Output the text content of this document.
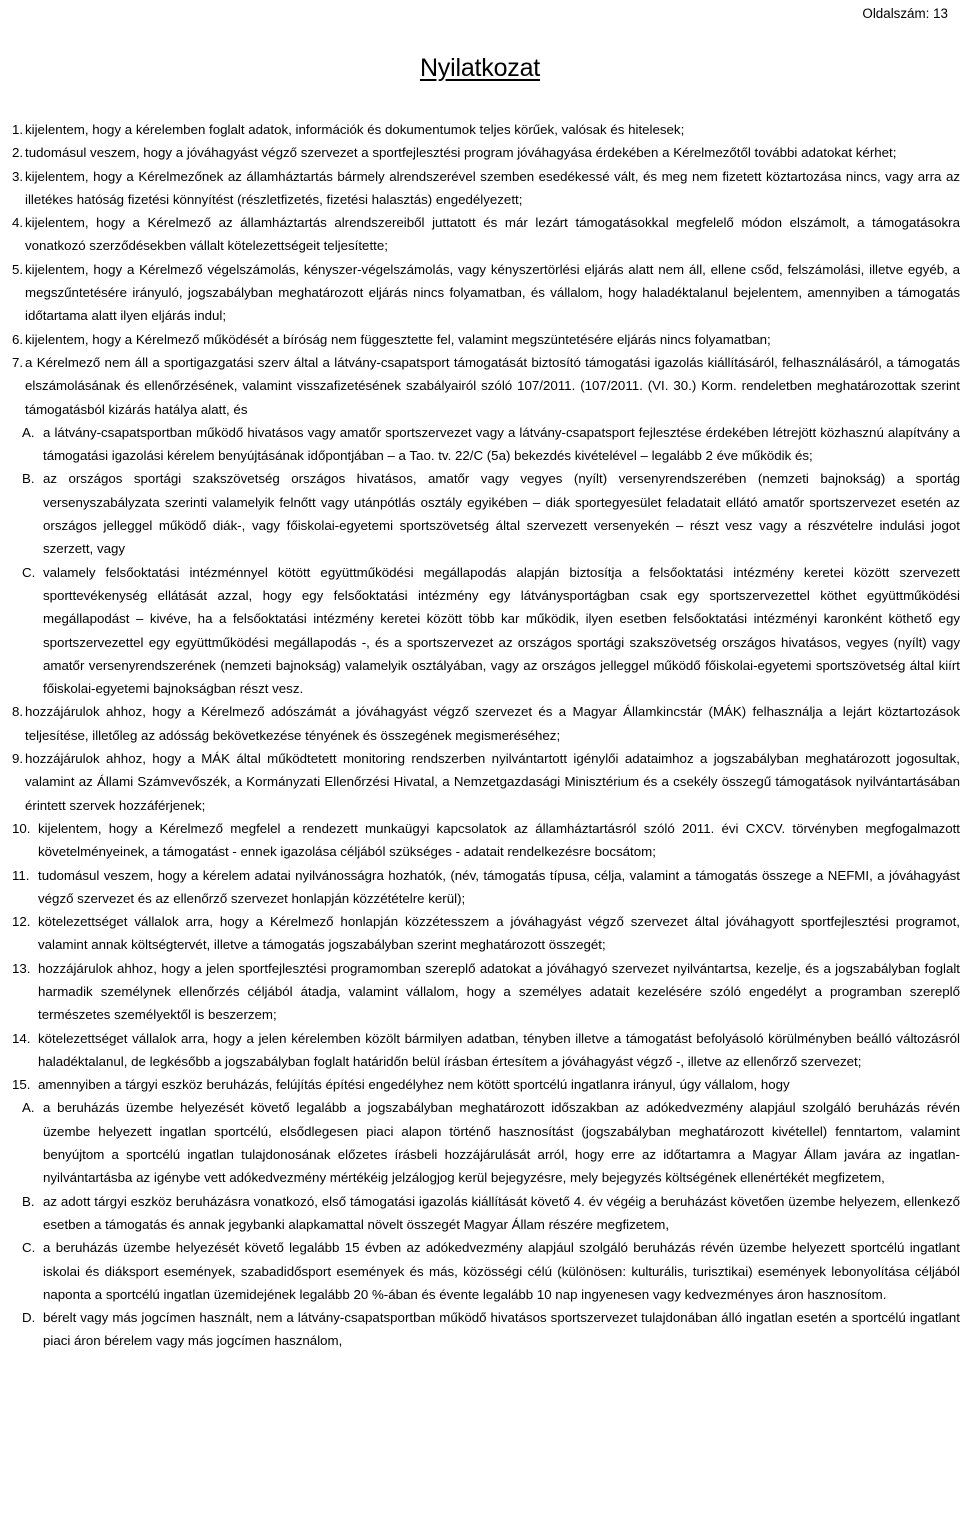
Oldalszám: 13
Nyilatkozat
1. kijelentem, hogy a kérelemben foglalt adatok, információk és dokumentumok teljes körűek, valósak és hitelesek;
2. tudomásul veszem, hogy a jóváhagyást végző szervezet a sportfejlesztési program jóváhagyása érdekében a Kérelmezőtől további adatokat kérhet;
3. kijelentem, hogy a Kérelmezőnek az államháztartás bármely alrendszerével szemben esedékessé vált, és meg nem fizetett köztartozása nincs, vagy arra az illetékes hatóság fizetési könnyítést (részletfizetés, fizetési halasztás) engedélyezett;
4. kijelentem, hogy a Kérelmező az államháztartás alrendszereiből juttatott és már lezárt támogatásokkal megfelelő módon elszámolt, a támogatásokra vonatkozó szerződésekben vállalt kötelezettségeit teljesítette;
5. kijelentem, hogy a Kérelmező végelszámolás, kényszer-végelszámolás, vagy kényszertörlési eljárás alatt nem áll, ellene csőd, felszámolási, illetve egyéb, a megszűntetésére irányuló, jogszabályban meghatározott eljárás nincs folyamatban, és vállalom, hogy haladéktalanul bejelentem, amennyiben a támogatás időtartama alatt ilyen eljárás indul;
6. kijelentem, hogy a Kérelmező működését a bíróság nem függesztette fel, valamint megszüntetésére eljárás nincs folyamatban;
7. a Kérelmező nem áll a sportigazgatási szerv által a látvány-csapatsport támogatását biztosító támogatási igazolás kiállításáról, felhasználásáról, a támogatás elszámolásának és ellenőrzésének, valamint visszafizetésének szabályairól szóló 107/2011. (107/2011. (VI. 30.) Korm. rendeletben meghatározottak szerint támogatásból kizárás hatálya alatt, és
A. a látvány-csapatsportban működő hivatásos vagy amatőr sportszervezet vagy a látvány-csapatsport fejlesztése érdekében létrejött közhasznú alapítvány a támogatási igazolási kérelem benyújtásának időpontjában – a Tao. tv. 22/C (5a) bekezdés kivételével – legalább 2 éve működik és;
B. az országos sportági szakszövetség országos hivatásos, amatőr vagy vegyes (nyílt) versenyrendszerében (nemzeti bajnokság) a sportág versenyszabályzata szerinti valamelyik felnőtt vagy utánpótlás osztály egyikében – diák sportegyesület feladatait ellátó amatőr sportszervezet esetén az országos jelleggel működő diák-, vagy főiskolai-egyetemi sportszövetség által szervezett versenyekén – részt vesz vagy a részvételre indulási jogot szerzett, vagy
C. valamely felsőoktatási intézménnyel kötött együttműködési megállapodás alapján biztosítja a felsőoktatási intézmény keretei között szervezett sporttevékenység ellátását azzal, hogy egy felsőoktatási intézmény egy látványsportágban csak egy sportszervezettel köthet együttműködési megállapodást – kivéve, ha a felsőoktatási intézmény keretei között több kar működik, ilyen esetben felsőoktatási intézményi karonként köthető egy sportszervezettel egy együttműködési megállapodás -, és a sportszervezet az országos sportági szakszövetség országos hivatásos, vegyes (nyílt) vagy amatőr versenyrendszerének (nemzeti bajnokság) valamelyik osztályában, vagy az országos jelleggel működő főiskolai-egyetemi sportszövetség által kiírt főiskolai-egyetemi bajnokságban részt vesz.
8. hozzájárulok ahhoz, hogy a Kérelmező adószámát a jóváhagyást végző szervezet és a Magyar Államkincstár (MÁK) felhasználja a lejárt köztartozások teljesítése, illetőleg az adósság bekövetkezése tényének és összegének megismeréséhez;
9. hozzájárulok ahhoz, hogy a MÁK által működtetett monitoring rendszerben nyilvántartott igénylői adataimhoz a jogszabályban meghatározott jogosultak, valamint az Állami Számvevőszék, a Kormányzati Ellenőrzési Hivatal, a Nemzetgazdasági Minisztérium és a csekély összegű támogatások nyilvántartásában érintett szervek hozzáférjenek;
10. kijelentem, hogy a Kérelmező megfelel a rendezett munkaügyi kapcsolatok az államháztartásról szóló 2011. évi CXCV. törvényben megfogalmazott követelményeinek, a támogatást - ennek igazolása céljából szükséges - adatait rendelkezésre bocsátom;
11. tudomásul veszem, hogy a kérelem adatai nyilvánosságra hozhatók, (név, támogatás típusa, célja, valamint a támogatás összege a NEFMI, a jóváhagyást végző szervezet és az ellenőrző szervezet honlapján közzétételre kerül);
12. kötelezettséget vállalok arra, hogy a Kérelmező honlapján közzétesszem a jóváhagyást végző szervezet által jóváhagyott sportfejlesztési programot, valamint annak költségtervét, illetve a támogatás jogszabályban szerint meghatározott összegét;
13. hozzájárulok ahhoz, hogy a jelen sportfejlesztési programomban szereplő adatokat a jóváhagyó szervezet nyilvántartsa, kezelje, és a jogszabályban foglalt harmadik személynek ellenőrzés céljából átadja, valamint vállalom, hogy a személyes adatait kezelésére szóló engedélyt a programban szereplő természetes személyektől is beszerzem;
14. kötelezettséget vállalok arra, hogy a jelen kérelemben közölt bármilyen adatban, tényben illetve a támogatást befolyásoló körülményben beálló változásról haladéktalanul, de legkésőbb a jogszabályban foglalt határidőn belül írásban értesítem a jóváhagyást végző -, illetve az ellenőrző szervezet;
15. amennyiben a tárgyi eszköz beruházás, felújítás építési engedélyhez nem kötött sportcélú ingatlanra irányul, úgy vállalom, hogy
A. a beruházás üzembe helyezését követő legalább a jogszabályban meghatározott időszakban az adókedvezmény alapjául szolgáló beruházás révén üzembe helyezett ingatlan sportcélú, elsődlegesen piaci alapon történő hasznosítást (jogszabályban meghatározott kivétellel) fenntartom, valamint benyújtom a sportcélú ingatlan tulajdonosának előzetes írásbeli hozzájárulását arról, hogy erre az időtartamra a Magyar Állam javára az ingatlan-nyilvántartásba az igénybe vett adókedvezmény mértékéig jelzálogjog kerül bejegyzésre, mely bejegyzés költségének ellenértékét megfizetem,
B. az adott tárgyi eszköz beruházásra vonatkozó, első támogatási igazolás kiállítását követő 4. év végéig a beruházást követően üzembe helyezem, ellenkező esetben a támogatás és annak jegybanki alapkamattal növelt összegét Magyar Állam részére megfizetem,
C. a beruházás üzembe helyezését követő legalább 15 évben az adókedvezmény alapjául szolgáló beruházás révén üzembe helyezett sportcélú ingatlant iskolai és diáksport események, szabadidősport események és más, közösségi célú (különösen: kulturális, turisztikai) események lebonyolítása céljából naponta a sportcélú ingatlan üzemidejének legalább 20 %-ában és évente legalább 10 nap ingyenesen vagy kedvezményes áron hasznosítom.
D. bérelt vagy más jogcímen használt, nem a látvány-csapatsportban működő hivatásos sportszervezet tulajdonában álló ingatlan esetén a sportcélú ingatlant piaci áron bérelem vagy más jogcímen használom,
